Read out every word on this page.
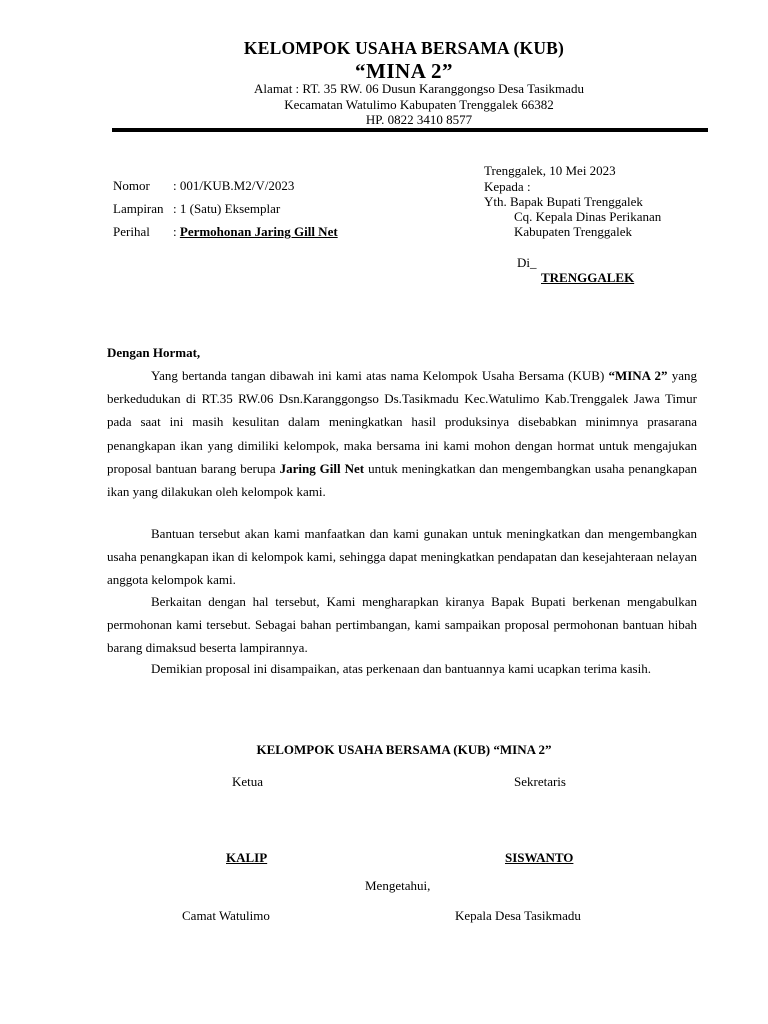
KELOMPOK USAHA BERSAMA (KUB)
“MINA 2”
Alamat : RT. 35 RW. 06 Dusun Karanggongso Desa Tasikmadu
Kecamatan Watulimo Kabupaten Trenggalek 66382
HP. 0822 3410 8577
Nomor : 001/KUB.M2/V/2023
Lampiran : 1 (Satu) Eksemplar
Perihal : Permohonan Jaring Gill Net
Trenggalek, 10 Mei 2023
Kepada :
Yth. Bapak Bupati Trenggalek
Cq. Kepala Dinas Perikanan
Kabupaten Trenggalek
Di_
TRENGGALEK
Dengan Hormat,
Yang bertanda tangan dibawah ini kami atas nama Kelompok Usaha Bersama (KUB) “MINA 2” yang berkedudukan di RT.35 RW.06 Dsn.Karanggongso Ds.Tasikmadu Kec.Watulimo Kab.Trenggalek Jawa Timur pada saat ini masih kesulitan dalam meningkatkan hasil produksinya disebabkan minimnya prasarana penangkapan ikan yang dimiliki kelompok, maka bersama ini kami mohon dengan hormat untuk mengajukan proposal bantuan barang berupa Jaring Gill Net untuk meningkatkan dan mengembangkan usaha penangkapan ikan yang dilakukan oleh kelompok kami.
Bantuan tersebut akan kami manfaatkan dan kami gunakan untuk meningkatkan dan mengembangkan usaha penangkapan ikan di kelompok kami, sehingga dapat meningkatkan pendapatan dan kesejahteraan nelayan anggota kelompok kami.
Berkaitan dengan hal tersebut, Kami mengharapkan kiranya Bapak Bupati berkenan mengabulkan permohonan kami tersebut. Sebagai bahan pertimbangan, kami sampaikan proposal permohonan bantuan hibah barang dimaksud beserta lampirannya.
Demikian proposal ini disampaikan, atas perkenaan dan bantuannya kami ucapkan terima kasih.
KELOMPOK USAHA BERSAMA (KUB) “MINA 2”
Ketua	Sekretaris
KALIP	SISWANTO
Mengetahui,
Camat Watulimo	Kepala Desa Tasikmadu
